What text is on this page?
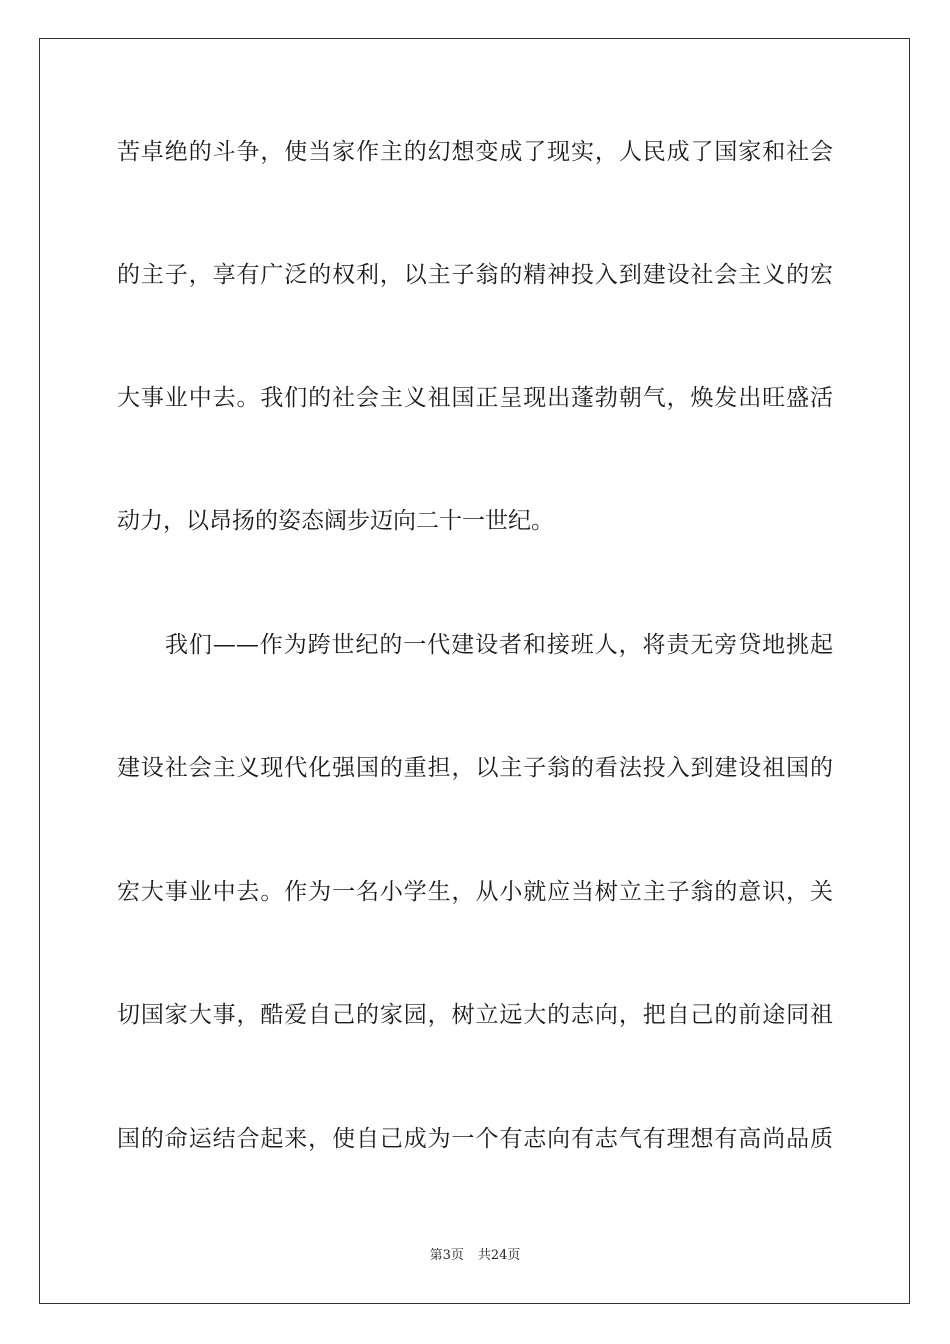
苦卓绝的斗争，使当家作主的幻想变成了现实，人民成了国家和社会
的主子，享有广泛的权利，以主子翁的精神投入到建设社会主义的宏
大事业中去。我们的社会主义祖国正呈现出蓬勃朝气，焕发出旺盛活
动力，以昂扬的姿态阔步迈向二十一世纪。
我们——作为跨世纪的一代建设者和接班人，将责无旁贷地挑起
建设社会主义现代化强国的重担，以主子翁的看法投入到建设祖国的
宏大事业中去。作为一名小学生，从小就应当树立主子翁的意识，关
切国家大事，酷爱自己的家园，树立远大的志向，把自己的前途同祖
国的命运结合起来，使自己成为一个有志向有志气有理想有高尚品质
第3页 共24页
